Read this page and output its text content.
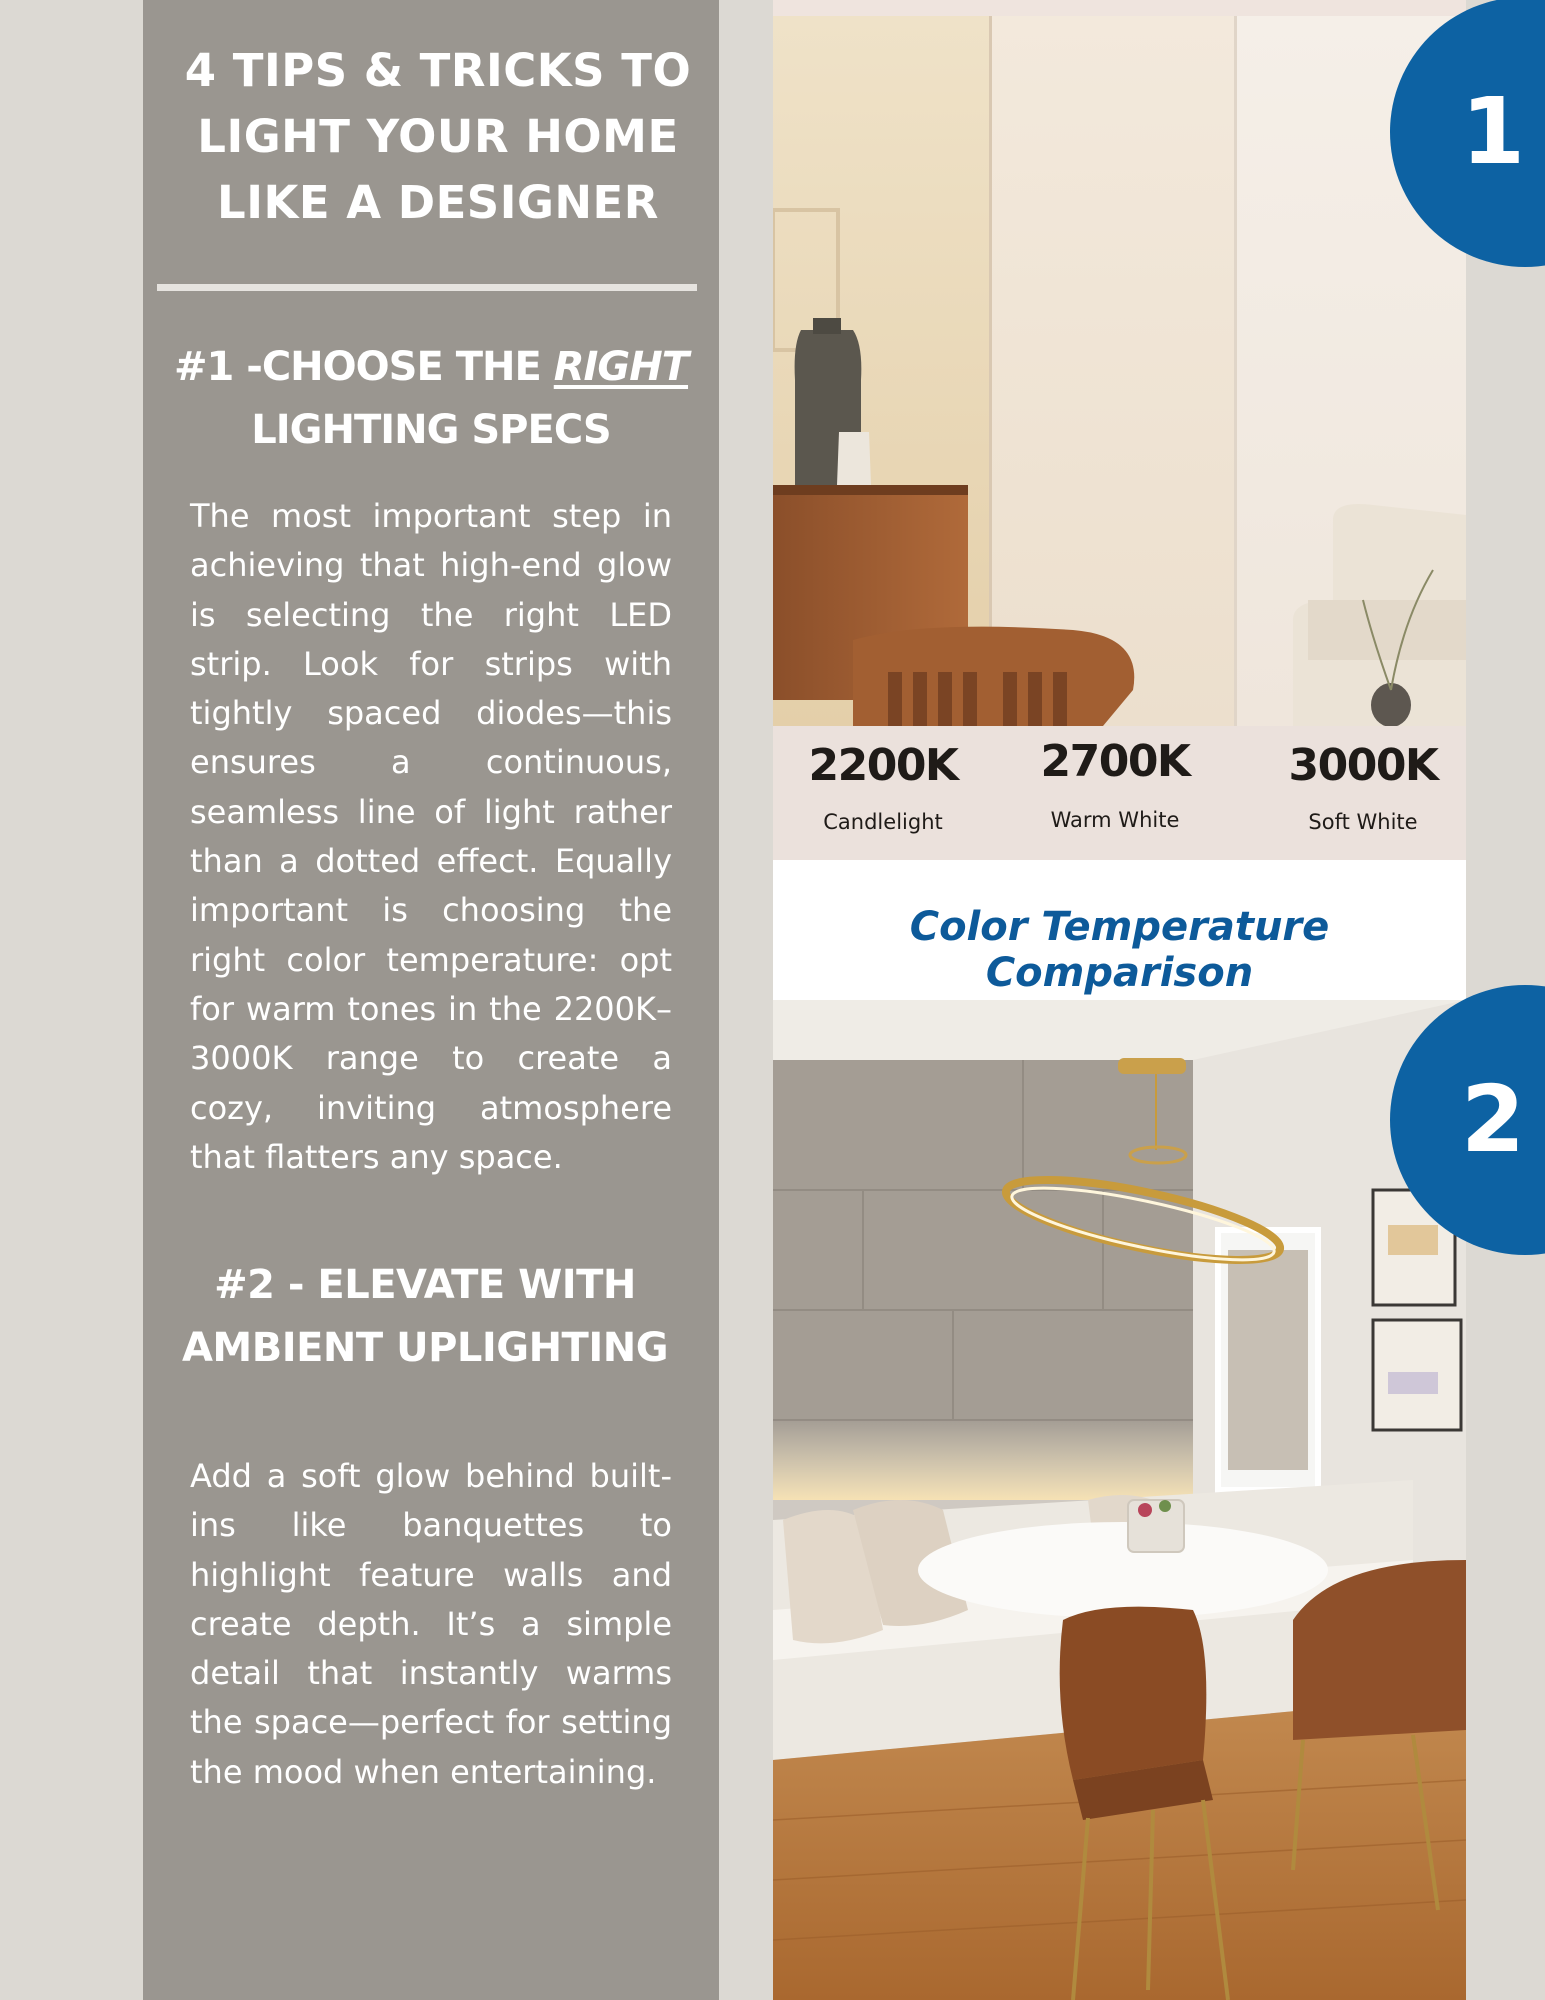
4 TIPS & TRICKS TO
LIGHT YOUR HOME
LIKE A DESIGNER
#1 -CHOOSE THE RIGHT
LIGHTING SPECS

The most important step in achieving that high-end glow is selecting the right LED strip. Look for strips with tightly spaced diodes—this ensures a continuous, seamless line of light rather than a dotted effect. Equally important is choosing the right color temperature: opt for warm tones in the 2200K–3000K range to create a cozy, inviting atmosphere that flatters any space.

#2 - ELEVATE WITH
AMBIENT UPLIGHTING

Add a soft glow behind built-ins like banquettes to highlight feature walls and create depth. It’s a simple detail that instantly warms the space—perfect for setting the mood when entertaining.

2200K
Candlelight
2700K
Warm White
3000K
Soft White
Color Temperature Comparison
1
2
